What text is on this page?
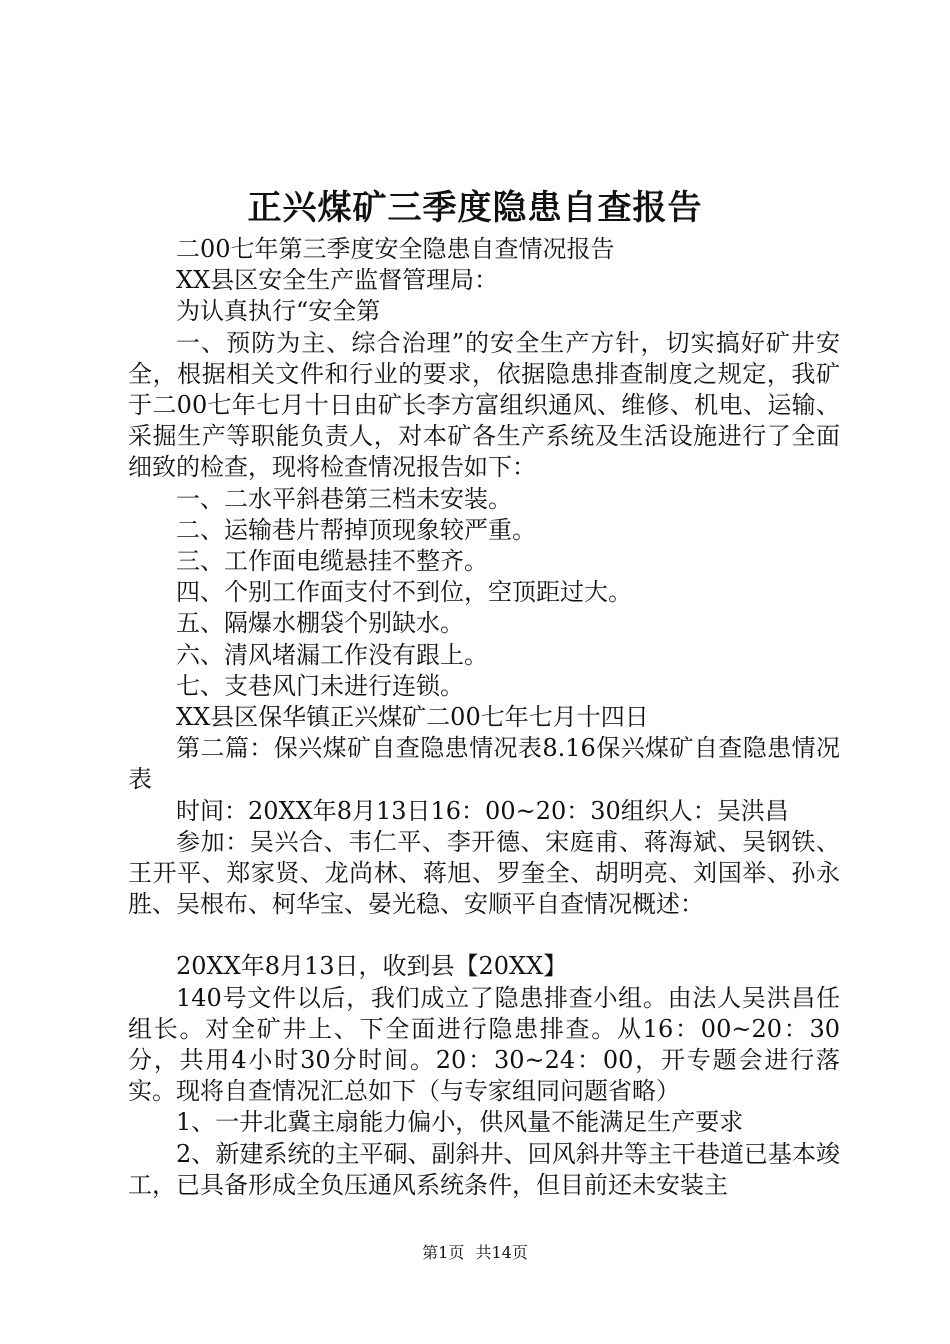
正兴煤矿三季度隐患自查报告

二00七年第三季度安全隐患自查情况报告

XX县区安全生产监督管理局：

为认真执行“安全第

一、预防为主、综合治理”的安全生产方针，切实搞好矿井安全，根据相关文件和行业的要求，依据隐患排查制度之规定，我矿于二00七年七月十日由矿长李方富组织通风、维修、机电、运输、采掘生产等职能负责人，对本矿各生产系统及生活设施进行了全面细致的检查，现将检查情况报告如下：

一、二水平斜巷第三档未安装。

二、运输巷片帮掉顶现象较严重。

三、工作面电缆悬挂不整齐。

四、个别工作面支付不到位，空顶距过大。

五、隔爆水棚袋个别缺水。

六、清风堵漏工作没有跟上。

七、支巷风门未进行连锁。

XX县区保华镇正兴煤矿二00七年七月十四日

第二篇：保兴煤矿自查隐患情况表8.16保兴煤矿自查隐患情况表

时间：20XX年8月13日16：00~20：30组织人：吴洪昌

参加：吴兴合、韦仁平、李开德、宋庭甫、蒋海斌、吴钢铁、王开平、郑家贤、龙尚林、蒋旭、罗奎全、胡明亮、刘国举、孙永胜、吴根布、柯华宝、晏光稳、安顺平自查情况概述：

20XX年8月13日，收到县【20XX】

140号文件以后，我们成立了隐患排查小组。由法人吴洪昌任组长。对全矿井上、下全面进行隐患排查。从16：00~20：30分，共用4小时30分时间。20：30~24：00，开专题会进行落实。现将自查情况汇总如下（与专家组同问题省略）

1、一井北冀主扇能力偏小，供风量不能满足生产要求

2、新建系统的主平硐、副斜井、回风斜井等主干巷道已基本竣工，已具备形成全负压通风系统条件，但目前还未安装主

第1页 共14页
